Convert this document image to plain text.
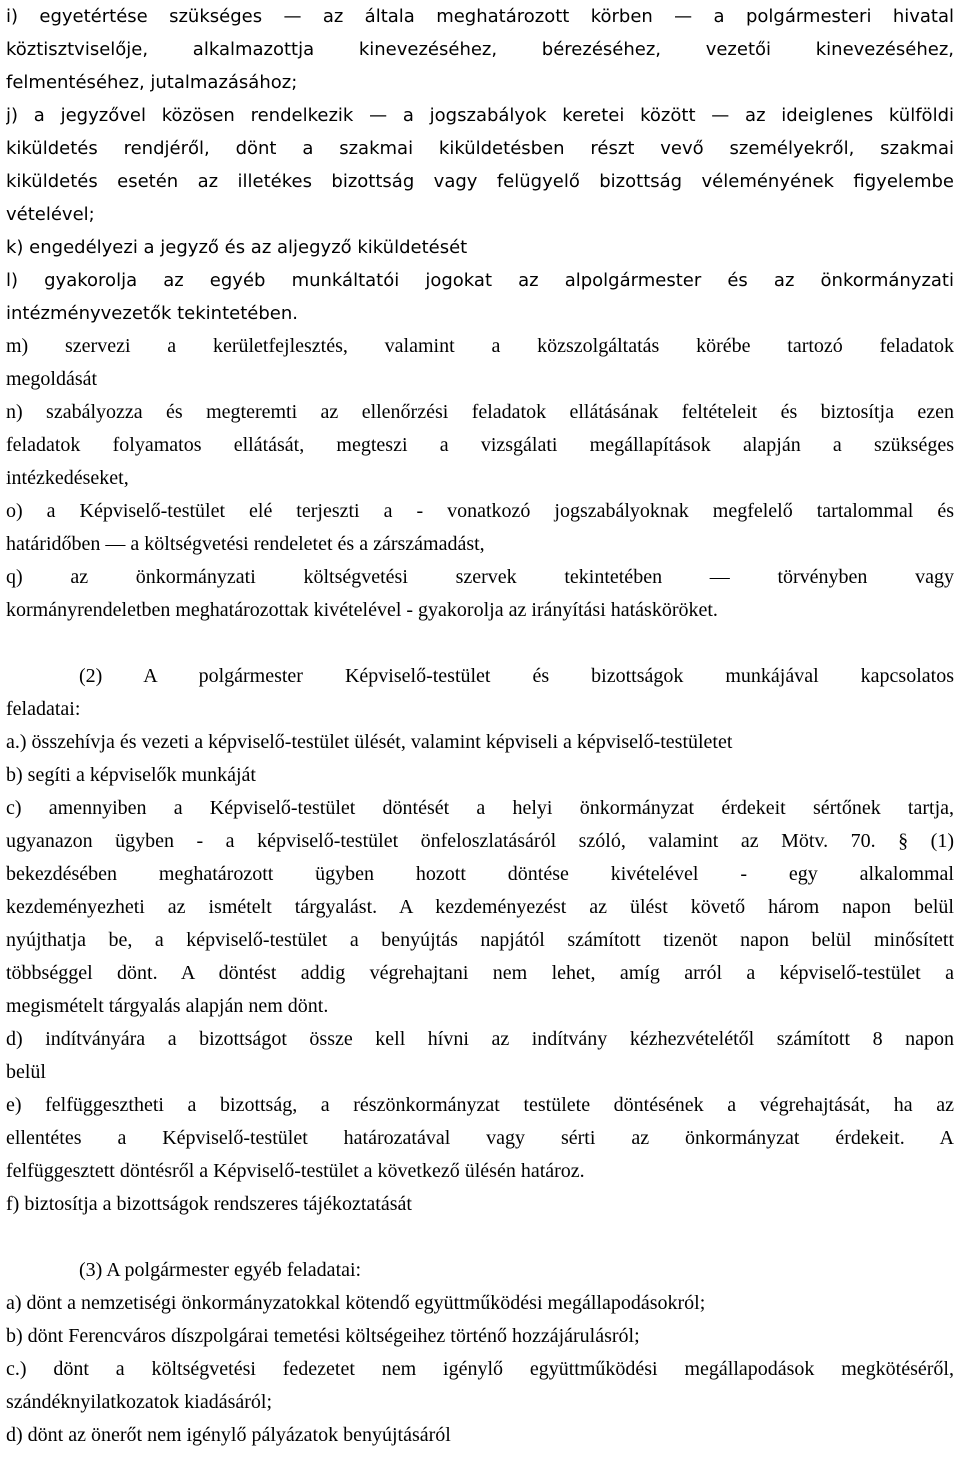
i) egyetértése szükséges — az általa meghatározott körben — a polgármesteri hivatal
köztisztviselője, alkalmazottja kinevezéséhez, bérezéséhez, vezetői kinevezéséhez,
felmentéséhez, jutalmazásához;
j) a jegyzővel közösen rendelkezik — a jogszabályok keretei között — az ideiglenes külföldi
kiküldetés rendjéről, dönt a szakmai kiküldetésben részt vevő személyekről, szakmai
kiküldetés esetén az illetékes bizottság vagy felügyelő bizottság véleményének figyelembe
vételével;
k) engedélyezi a jegyző és az aljegyző kiküldetését
l) gyakorolja az egyéb munkáltatói jogokat az alpolgármester és az önkormányzati
intézményvezetők tekintetében.
m) szervezi a kerületfejlesztés, valamint a közszolgáltatás körébe tartozó feladatok
megoldását
n) szabályozza és megteremti az ellenőrzési feladatok ellátásának feltételeit és biztosítja ezen
feladatok folyamatos ellátását, megteszi a vizsgálati megállapítások alapján a szükséges
intézkedéseket,
o) a Képviselő-testület elé terjeszti a - vonatkozó jogszabályoknak megfelelő tartalommal és
határidőben — a költségvetési rendeletet és a zárszámadást,
q) az önkormányzati költségvetési szervek tekintetében — törvényben vagy
kormányrendeletben meghatározottak kivételével - gyakorolja az irányítási hatásköröket.
(2) A polgármester Képviselő-testület és bizottságok munkájával kapcsolatos
feladatai:
a.) összehívja és vezeti a képviselő-testület ülését, valamint képviseli a képviselő-testületet
b) segíti a képviselők munkáját
c) amennyiben a Képviselő-testület döntését a helyi önkormányzat érdekeit sértőnek tartja,
ugyanazon ügyben - a képviselő-testület önfeloszlatásáról szóló, valamint az Mötv. 70. § (1)
bekezdésében meghatározott ügyben hozott döntése kivételével - egy alkalommal
kezdeményezheti az ismételt tárgyalást. A kezdeményezést az ülést követő három napon belül
nyújthatja be, a képviselő-testület a benyújtás napjától számított tizenöt napon belül minősített
többséggel dönt. A döntést addig végrehajtani nem lehet, amíg arról a képviselő-testület a
megismételt tárgyalás alapján nem dönt.
d) indítványára a bizottságot össze kell hívni az indítvány kézhezvételétől számított 8 napon
belül
e) felfüggesztheti a bizottság, a részönkormányzat testülete döntésének a végrehajtását, ha az
ellentétes a Képviselő-testület határozatával vagy sérti az önkormányzat érdekeit. A
felfüggesztett döntésről a Képviselő-testület a következő ülésén határoz.
f) biztosítja a bizottságok rendszeres tájékoztatását
(3) A polgármester egyéb feladatai:
a) dönt a nemzetiségi önkormányzatokkal kötendő együttműködési megállapodásokról;
b) dönt Ferencváros díszpolgárai temetési költségeihez történő hozzájárulásról;
c.) dönt a költségvetési fedezetet nem igénylő együttműködési megállapodások megkötéséről,
szándéknyilatkozatok kiadásáról;
d) dönt az önerőt nem igénylő pályázatok benyújtásáról
